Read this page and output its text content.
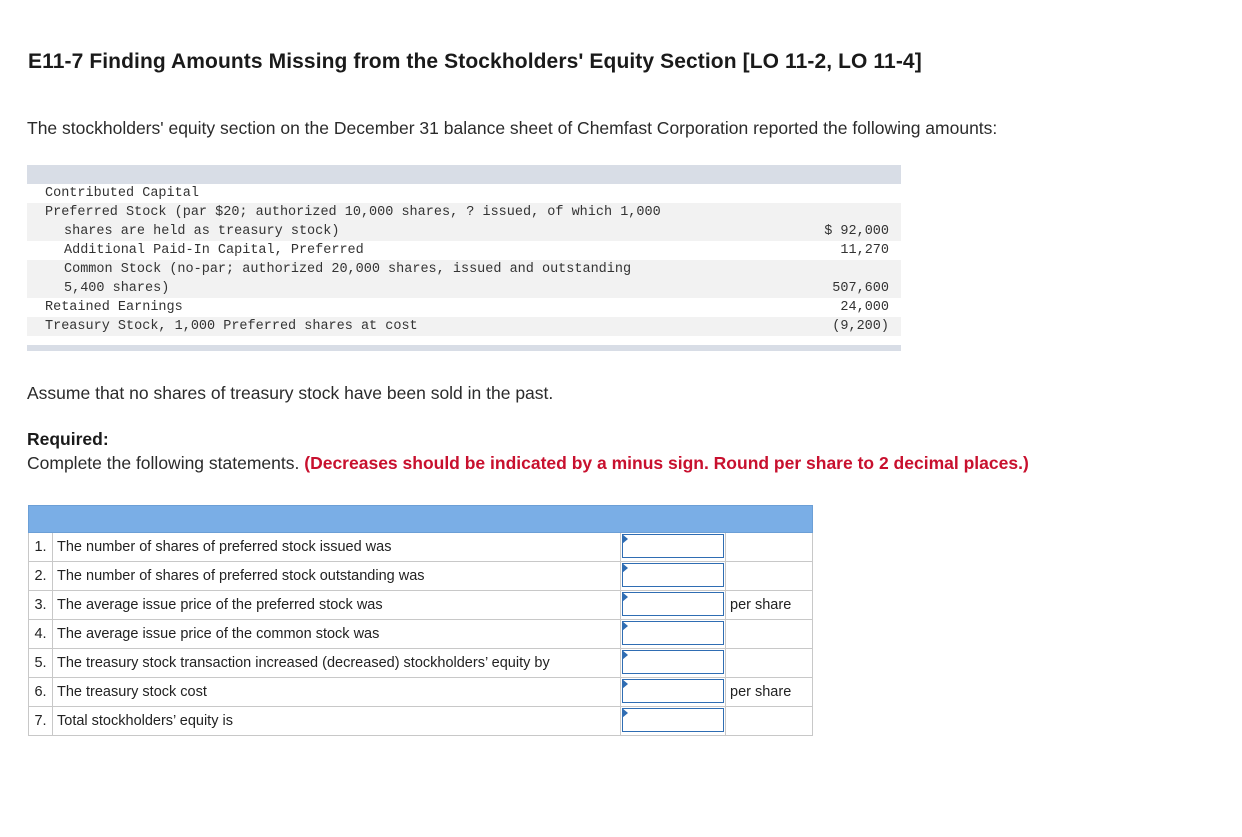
E11-7 Finding Amounts Missing from the Stockholders' Equity Section [LO 11-2, LO 11-4]
The stockholders' equity section on the December 31 balance sheet of Chemfast Corporation reported the following amounts:
Contributed Capital
Preferred Stock (par $20; authorized 10,000 shares, ? issued, of which 1,000
shares are held as treasury stock)	$ 92,000
Additional Paid-In Capital, Preferred	11,270
Common Stock (no-par; authorized 20,000 shares, issued and outstanding
5,400 shares)	507,600
Retained Earnings	24,000
Treasury Stock, 1,000 Preferred shares at cost	(9,200)
Assume that no shares of treasury stock have been sold in the past.
Required:
Complete the following statements. (Decreases should be indicated by a minus sign. Round per share to 2 decimal places.)
1. The number of shares of preferred stock issued was
2. The number of shares of preferred stock outstanding was
3. The average issue price of the preferred stock was	per share
4. The average issue price of the common stock was
5. The treasury stock transaction increased (decreased) stockholders’ equity by
6. The treasury stock cost	per share
7. Total stockholders’ equity is
